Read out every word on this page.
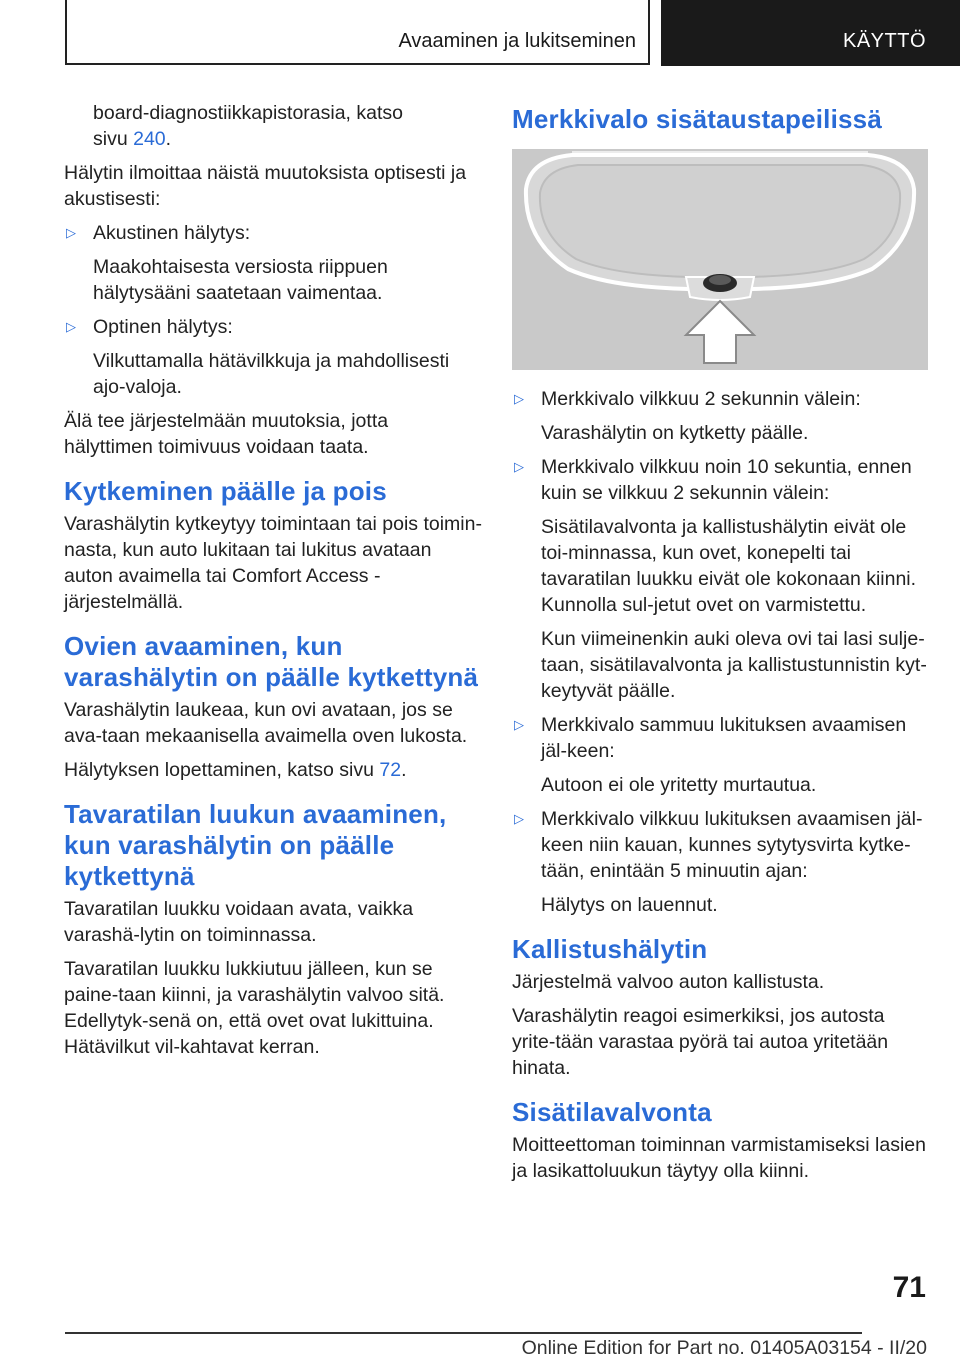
Avaaminen ja lukitseminen	KÄYTTÖ

board-diagnostiikkapistorasia, katso
sivu 240.

Hälytin ilmoittaa näistä muutoksista optisesti ja akustisesti:

▷ Akustinen hälytys:

Maakohtaisesta versiosta riippuen hälytysääni saatetaan vaimentaa.

▷ Optinen hälytys:

Vilkuttamalla hätävilkkuja ja mahdollisesti ajo-valoja.

Älä tee järjestelmään muutoksia, jotta hälyttimen toimivuus voidaan taata.

Kytkeminen päälle ja pois

Varashälytin kytkeytyy toimintaan tai pois toimin-nasta, kun auto lukitaan tai lukitus avataan auton avaimella tai Comfort Access -järjestelmällä.

Ovien avaaminen, kun varashälytin on päälle kytkettynä

Varashälytin laukeaa, kun ovi avataan, jos se ava-taan mekaanisella avaimella oven lukosta.

Hälytyksen lopettaminen, katso sivu 72.

Tavaratilan luukun avaaminen, kun varashälytin on päälle kytkettynä

Tavaratilan luukku voidaan avata, vaikka varashä-lytin on toiminnassa.

Tavaratilan luukku lukkiutuu jälleen, kun se paine-taan kiinni, ja varashälytin valvoo sitä. Edellytyk-senä on, että ovet ovat lukittuina. Hätävilkut vil-kahtavat kerran.

Merkkivalo sisätaustapeilissä

▷ Merkkivalo vilkkuu 2 sekunnin välein:

Varashälytin on kytketty päälle.

▷ Merkkivalo vilkkuu noin 10 sekuntia, ennen kuin se vilkkuu 2 sekunnin välein:

Sisätilavalvonta ja kallistushälytin eivät ole toi-minnassa, kun ovet, konepelti tai tavaratilan luukku eivät ole kokonaan kiinni. Kunnolla sul-jetut ovet on varmistettu.

Kun viimeinenkin auki oleva ovi tai lasi sulje-taan, sisätilavalvonta ja kallistustunnistin kyt-keytyvät päälle.

▷ Merkkivalo sammuu lukituksen avaamisen jäl-keen:

Autoon ei ole yritetty murtautua.

▷ Merkkivalo vilkkuu lukituksen avaamisen jäl-keen niin kauan, kunnes sytytysvirta kytke-tään, enintään 5 minuutin ajan:

Hälytys on lauennut.

Kallistushälytin

Järjestelmä valvoo auton kallistusta.

Varashälytin reagoi esimerkiksi, jos autosta yrite-tään varastaa pyörä tai autoa yritetään hinata.

Sisätilavalvonta

Moitteettoman toiminnan varmistamiseksi lasien ja lasikattoluukun täytyy olla kiinni.

71
Online Edition for Part no. 01405A03154 - II/20
